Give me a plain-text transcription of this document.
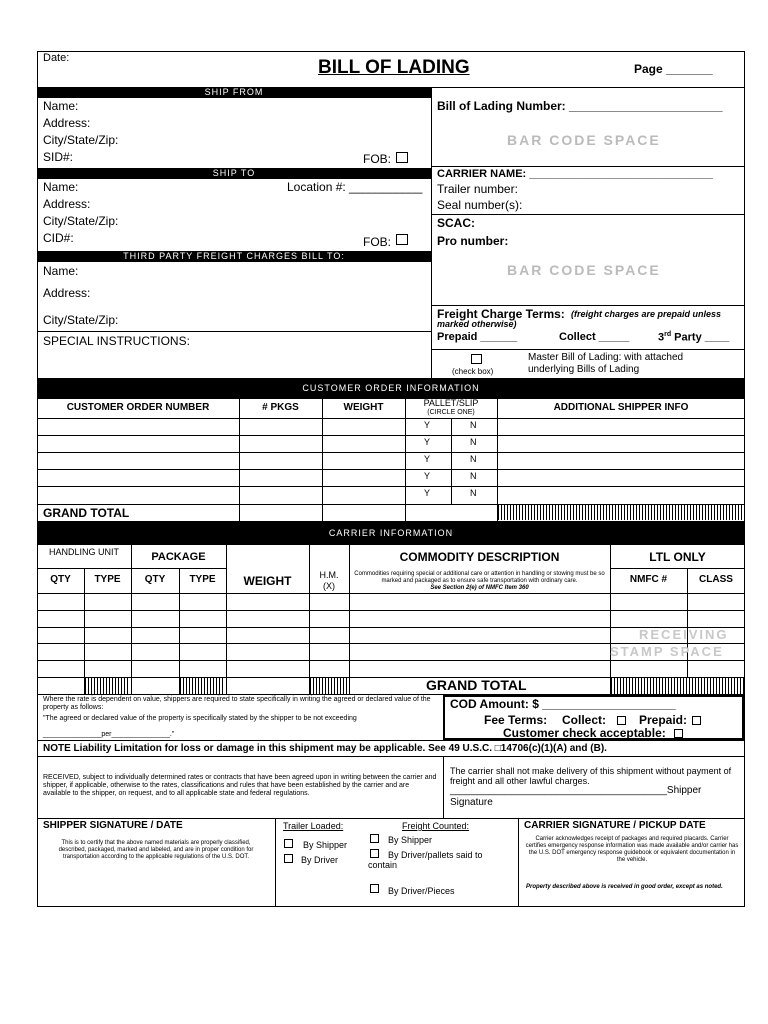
Date:	BILL OF LADING	Page _______
SHIP FROM
Name:
Address:
City/State/Zip:
SID#:	FOB:
SHIP TO
Name:	Location #: ___________
Address:
City/State/Zip:
CID#:	FOB:
THIRD PARTY FREIGHT CHARGES BILL TO:
Name:
Address:
City/State/Zip:
SPECIAL INSTRUCTIONS:
Bill of Lading Number: _______________________
BAR CODE SPACE
CARRIER NAME: ______________________________
Trailer number:
Seal number(s):
SCAC:
Pro number:
BAR CODE SPACE
Freight Charge Terms: (freight charges are prepaid unless marked otherwise)
Prepaid ______	Collect _____	3rd Party ____
(check box)
Master Bill of Lading: with attached underlying Bills of Lading
CUSTOMER ORDER INFORMATION
CUSTOMER ORDER NUMBER	# PKGS	WEIGHT	PALLET/SLIP
(CIRCLE ONE)	ADDITIONAL SHIPPER INFO
Y	N
Y	N
Y	N
Y	N
Y	N
GRAND TOTAL
CARRIER INFORMATION
HANDLING UNIT	PACKAGE
QTY	TYPE	QTY	TYPE	WEIGHT	H.M.
(X)
COMMODITY DESCRIPTION
Commodities requiring special or additional care or attention in handling or stowing must be so marked and packaged as to ensure safe transportation with ordinary care.
See Section 2(e) of NMFC Item 360
LTL ONLY
NMFC #	CLASS
RECEIVING
STAMP SPACE
GRAND TOTAL
Where the rate is dependent on value, shippers are required to state specifically in writing the agreed or declared value of the property as follows:
"The agreed or declared value of the property is specifically stated by the shipper to be not exceeding
_______________per_______________."
COD Amount: $ ____________________
Fee Terms: Collect:	Prepaid:
Customer check acceptable:
NOTE Liability Limitation for loss or damage in this shipment may be applicable. See 49 U.S.C. □14706(c)(1)(A) and (B).
RECEIVED, subject to individually determined rates or contracts that have been agreed upon in writing between the carrier and shipper, if applicable, otherwise to the rates, classifications and rules that have been established by the carrier and are available to the shipper, on request, and to all applicable state and federal regulations.
The carrier shall not make delivery of this shipment without payment of freight and all other lawful charges.
_______________________________________Shipper
Signature
SHIPPER SIGNATURE / DATE
This is to certify that the above named materials are properly classified, described, packaged, marked and labeled, and are in proper condition for transportation according to the applicable regulations of the U.S. DOT.
Trailer Loaded:
By Shipper
By Driver
Freight Counted:
By Shipper
By Driver/pallets said to contain
By Driver/Pieces
CARRIER SIGNATURE / PICKUP DATE
Carrier acknowledges receipt of packages and required placards. Carrier certifies emergency response information was made available and/or carrier has the U.S. DOT emergency response guidebook or equivalent documentation in the vehicle.
Property described above is received in good order, except as noted.
